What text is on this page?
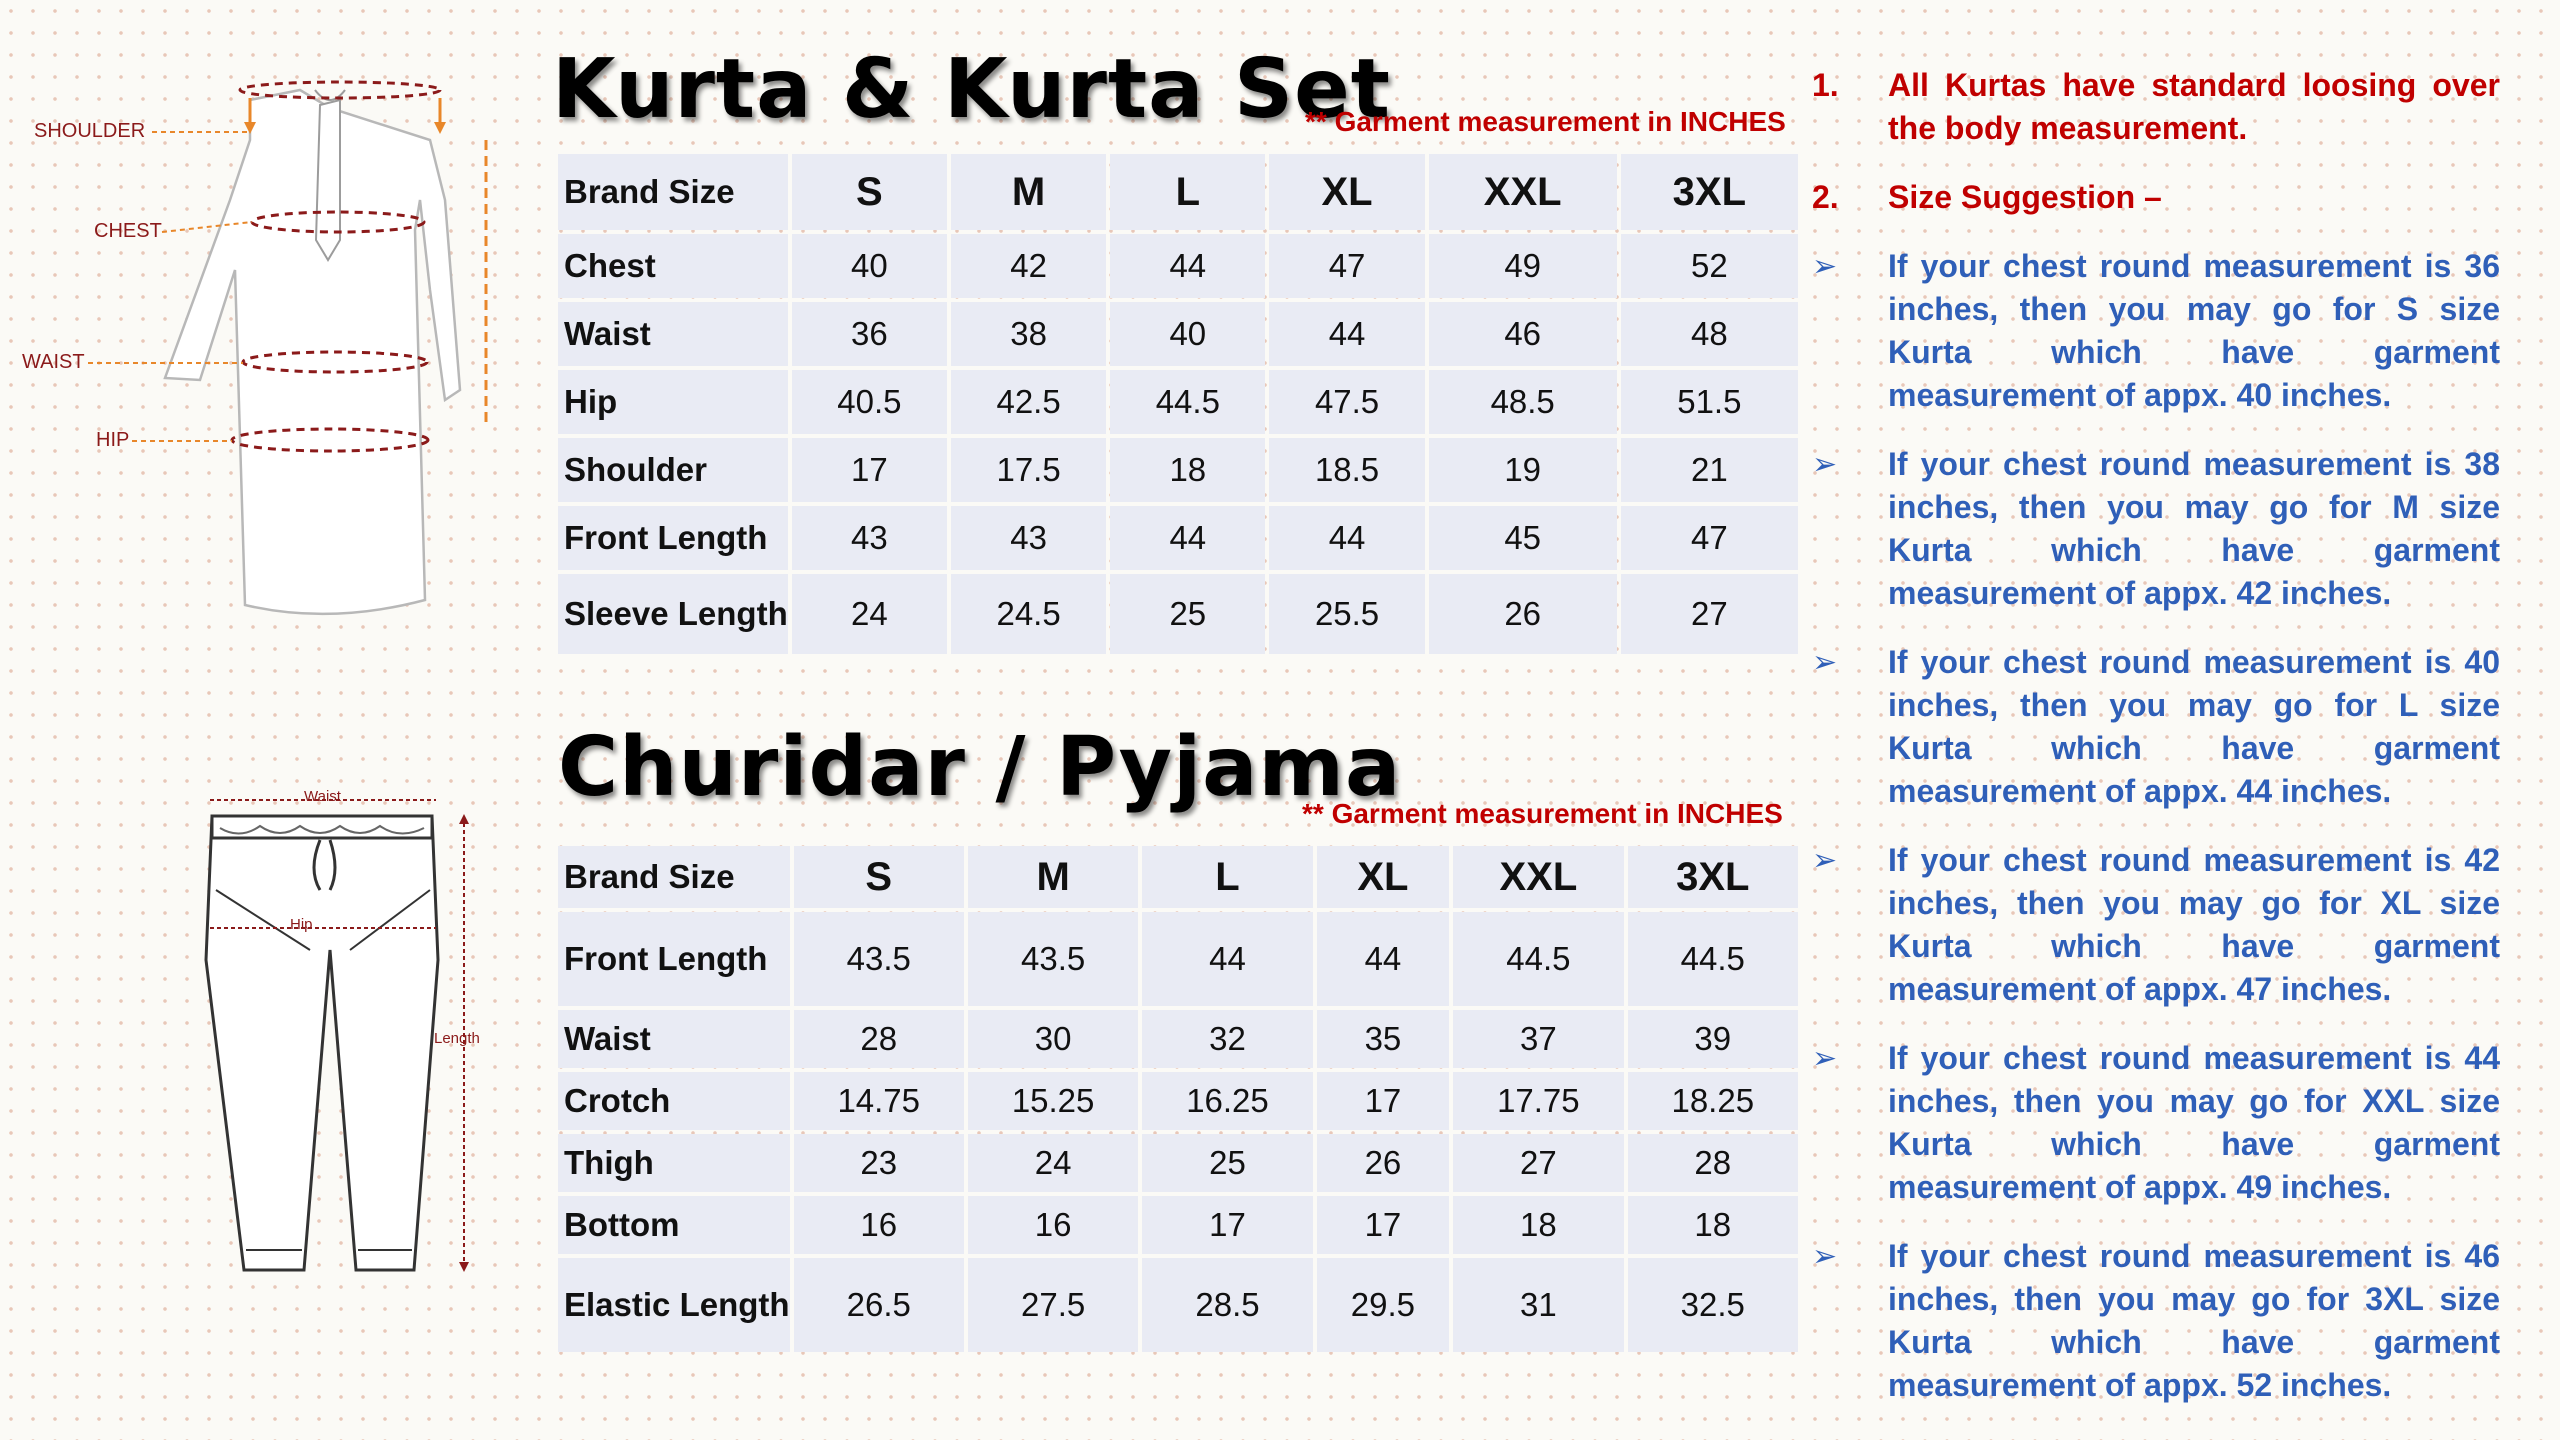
SHOULDER
CHEST
WAIST
HIP
Waist
Hip
Length
Kurta & Kurta Set
** Garment measurement in INCHES
Brand Size	S	M	L	XL	XXL	3XL
Chest	40	42	44	47	49	52
Waist	36	38	40	44	46	48
Hip	40.5	42.5	44.5	47.5	48.5	51.5
Shoulder	17	17.5	18	18.5	19	21
Front Length	43	43	44	44	45	47
Sleeve Length	24	24.5	25	25.5	26	27
Churidar / Pyjama
** Garment measurement in INCHES
Brand Size	S	M	L	XL	XXL	3XL
Front Length	43.5	43.5	44	44	44.5	44.5
Waist	28	30	32	35	37	39
Crotch	14.75	15.25	16.25	17	17.75	18.25
Thigh	23	24	25	26	27	28
Bottom	16	16	17	17	18	18
Elastic Length	26.5	27.5	28.5	29.5	31	32.5
1.	All Kurtas have standard loosing over the body measurement.
2.	Size Suggestion –
➢	If your chest round measurement is 36 inches, then you may go for S size Kurta which have garment measurement of appx. 40 inches.
➢	If your chest round measurement is 38 inches, then you may go for M size Kurta which have garment measurement of appx. 42 inches.
➢	If your chest round measurement is 40 inches, then you may go for L size Kurta which have garment measurement of appx. 44 inches.
➢	If your chest round measurement is 42 inches, then you may go for XL size Kurta which have garment measurement of appx. 47 inches.
➢	If your chest round measurement is 44 inches, then you may go for XXL size Kurta which have garment measurement of appx. 49 inches.
➢	If your chest round measurement is 46 inches, then you may go for 3XL size Kurta which have garment measurement of appx. 52 inches.
